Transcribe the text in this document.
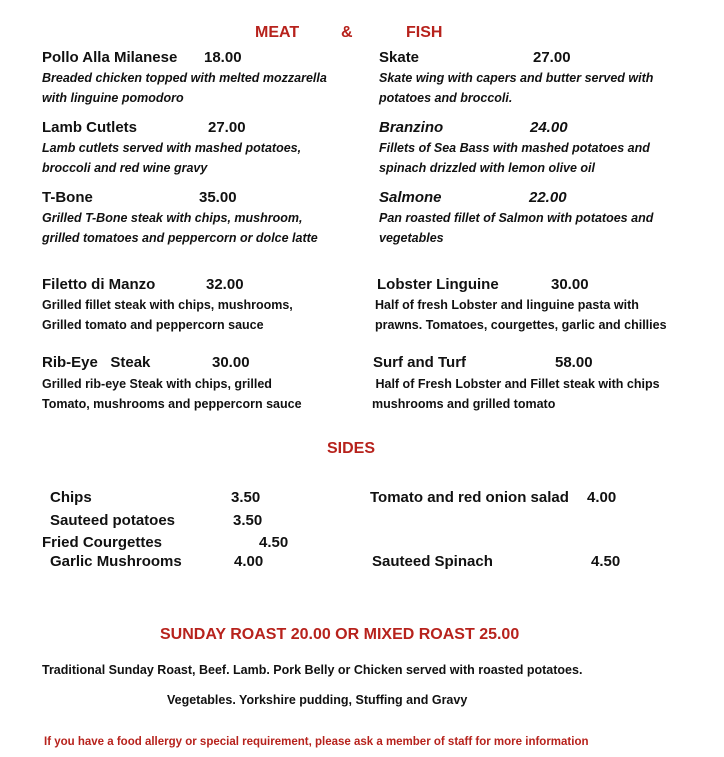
MEAT	&	FISH
Pollo Alla Milanese 18.00
Breaded chicken topped with melted mozzarella
with linguine pomodoro
Lamb Cutlets	27.00
Lamb cutlets served with mashed potatoes,
broccoli and red wine gravy
T-Bone	35.00
Grilled T-Bone steak with chips, mushroom,
grilled tomatoes and peppercorn or dolce latte
Filetto di Manzo	32.00
Grilled fillet steak with chips, mushrooms,
Grilled tomato and peppercorn sauce
Rib-Eye   Steak	30.00
Grilled rib-eye Steak with chips, grilled
Tomato, mushrooms and peppercorn sauce
Skate	27.00
Skate wing with capers and butter served with
potatoes and broccoli.
Branzino	24.00
Fillets of Sea Bass with mashed potatoes and
spinach drizzled with lemon olive oil
Salmone	22.00
Pan roasted fillet of Salmon with potatoes and
vegetables
Lobster Linguine	30.00
Half of fresh Lobster and linguine pasta with
prawns. Tomatoes, courgettes, garlic and chillies
Surf and Turf	58.00
Half of Fresh Lobster and Fillet steak with chips
mushrooms and grilled tomato
SIDES
Chips	3.50
Sauteed potatoes	3.50
Fried Courgettes	4.50
Garlic Mushrooms	4.00
Tomato and red onion salad 4.00
Sauteed Spinach	4.50
SUNDAY ROAST 20.00 OR MIXED ROAST 25.00
Traditional Sunday Roast, Beef. Lamb. Pork Belly or Chicken served with roasted potatoes.
Vegetables. Yorkshire pudding, Stuffing and Gravy
If you have a food allergy or special requirement, please ask a member of staff for more information
